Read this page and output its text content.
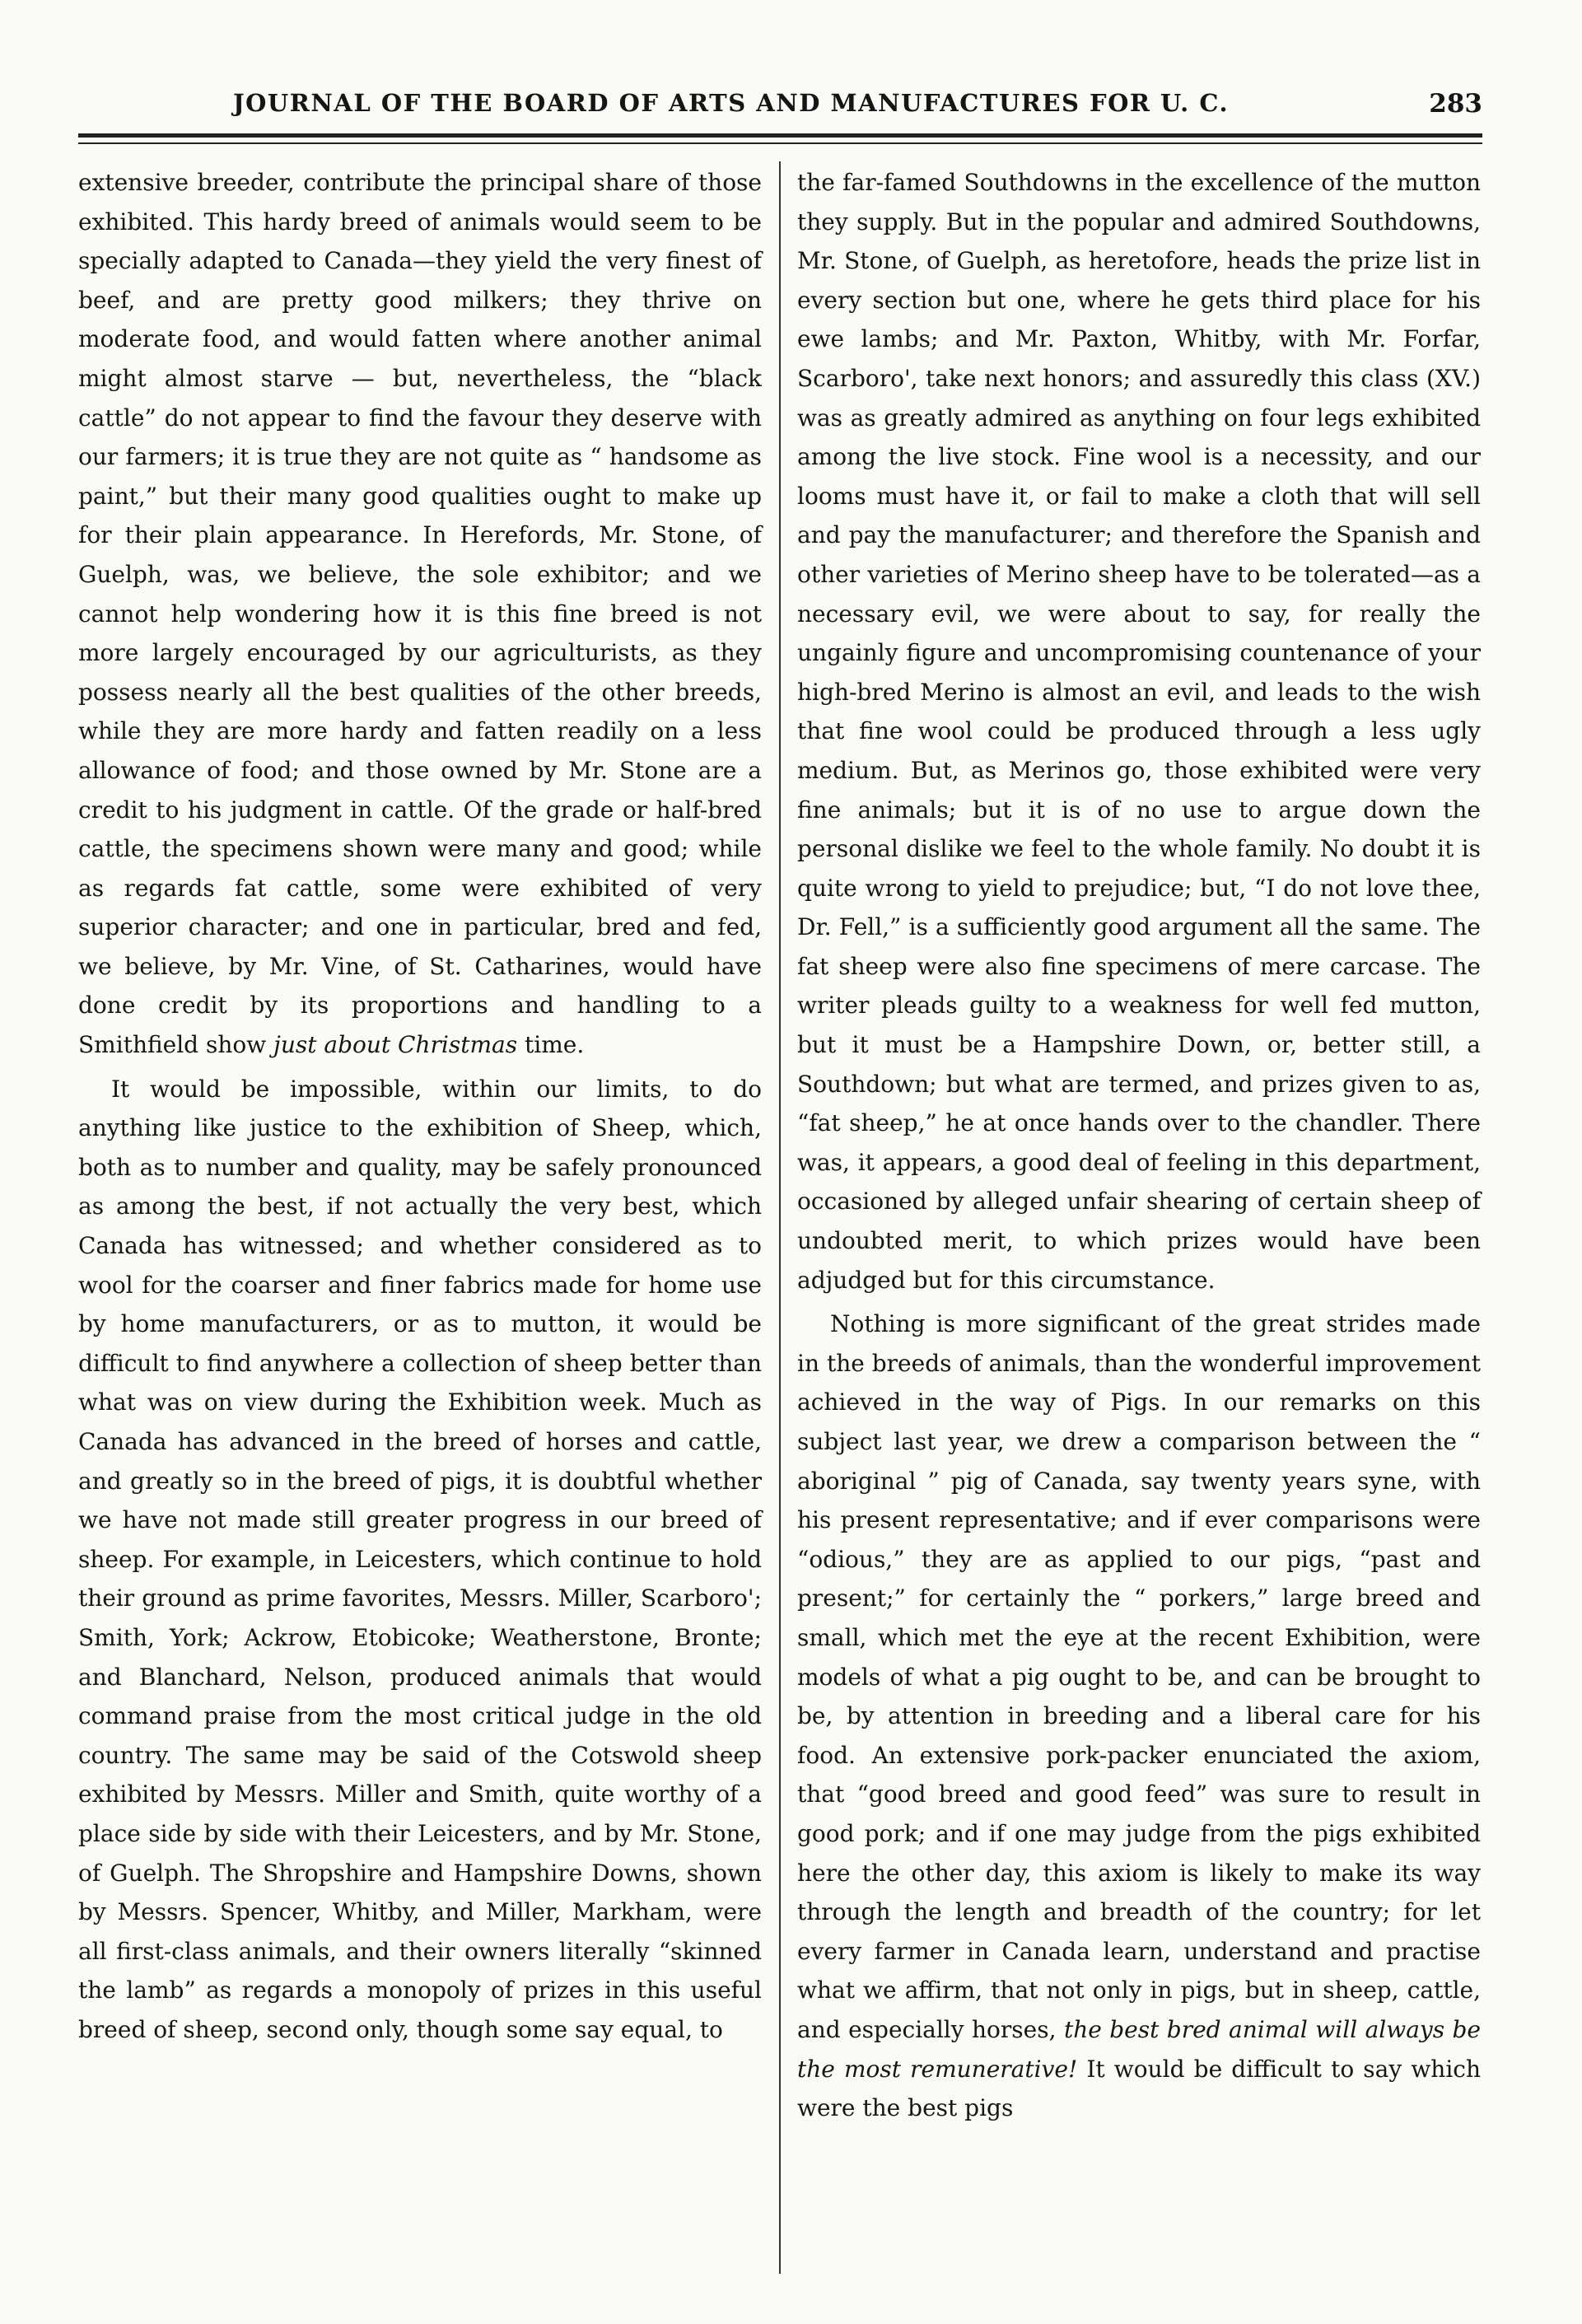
JOURNAL OF THE BOARD OF ARTS AND MANUFACTURES FOR U. C.	283

extensive breeder, contribute the principal share of those exhibited. This hardy breed of animals would seem to be specially adapted to Canada—they yield the very finest of beef, and are pretty good milkers; they thrive on moderate food, and would fatten where another animal might almost starve — but, nevertheless, the “black cattle” do not appear to find the favour they deserve with our farmers; it is true they are not quite as “ handsome as paint,” but their many good qualities ought to make up for their plain appearance. In Herefords, Mr. Stone, of Guelph, was, we believe, the sole exhibitor; and we cannot help wondering how it is this fine breed is not more largely encouraged by our agriculturists, as they possess nearly all the best qualities of the other breeds, while they are more hardy and fatten readily on a less allowance of food; and those owned by Mr. Stone are a credit to his judgment in cattle. Of the grade or half-bred cattle, the specimens shown were many and good; while as regards fat cattle, some were exhibited of very superior character; and one in particular, bred and fed, we believe, by Mr. Vine, of St. Catharines, would have done credit by its proportions and handling to a Smithfield show just about Christmas time.

It would be impossible, within our limits, to do anything like justice to the exhibition of Sheep, which, both as to number and quality, may be safely pronounced as among the best, if not actually the very best, which Canada has witnessed; and whether considered as to wool for the coarser and finer fabrics made for home use by home manufacturers, or as to mutton, it would be difficult to find anywhere a collection of sheep better than what was on view during the Exhibition week. Much as Canada has advanced in the breed of horses and cattle, and greatly so in the breed of pigs, it is doubtful whether we have not made still greater progress in our breed of sheep. For example, in Leicesters, which continue to hold their ground as prime favorites, Messrs. Miller, Scarboro'; Smith, York; Ackrow, Etobicoke; Weatherstone, Bronte; and Blanchard, Nelson, produced animals that would command praise from the most critical judge in the old country. The same may be said of the Cotswold sheep exhibited by Messrs. Miller and Smith, quite worthy of a place side by side with their Leicesters, and by Mr. Stone, of Guelph. The Shropshire and Hampshire Downs, shown by Messrs. Spencer, Whitby, and Miller, Markham, were all first-class animals, and their owners literally “skinned the lamb” as regards a monopoly of prizes in this useful breed of sheep, second only, though some say equal, to

the far-famed Southdowns in the excellence of the mutton they supply. But in the popular and admired Southdowns, Mr. Stone, of Guelph, as heretofore, heads the prize list in every section but one, where he gets third place for his ewe lambs; and Mr. Paxton, Whitby, with Mr. Forfar, Scarboro', take next honors; and assuredly this class (XV.) was as greatly admired as anything on four legs exhibited among the live stock. Fine wool is a necessity, and our looms must have it, or fail to make a cloth that will sell and pay the manufacturer; and therefore the Spanish and other varieties of Merino sheep have to be tolerated—as a necessary evil, we were about to say, for really the ungainly figure and uncompromising countenance of your high-bred Merino is almost an evil, and leads to the wish that fine wool could be produced through a less ugly medium. But, as Merinos go, those exhibited were very fine animals; but it is of no use to argue down the personal dislike we feel to the whole family. No doubt it is quite wrong to yield to prejudice; but, “I do not love thee, Dr. Fell,” is a sufficiently good argument all the same. The fat sheep were also fine specimens of mere carcase. The writer pleads guilty to a weakness for well fed mutton, but it must be a Hampshire Down, or, better still, a Southdown; but what are termed, and prizes given to as, “fat sheep,” he at once hands over to the chandler. There was, it appears, a good deal of feeling in this department, occasioned by alleged unfair shearing of certain sheep of undoubted merit, to which prizes would have been adjudged but for this circumstance.

Nothing is more significant of the great strides made in the breeds of animals, than the wonderful improvement achieved in the way of Pigs. In our remarks on this subject last year, we drew a comparison between the “ aboriginal ” pig of Canada, say twenty years syne, with his present representative; and if ever comparisons were “odious,” they are as applied to our pigs, “past and present;” for certainly the “ porkers,” large breed and small, which met the eye at the recent Exhibition, were models of what a pig ought to be, and can be brought to be, by attention in breeding and a liberal care for his food. An extensive pork-packer enunciated the axiom, that “good breed and good feed” was sure to result in good pork; and if one may judge from the pigs exhibited here the other day, this axiom is likely to make its way through the length and breadth of the country; for let every farmer in Canada learn, understand and practise what we affirm, that not only in pigs, but in sheep, cattle, and especially horses, the best bred animal will always be the most remunerative! It would be difficult to say which were the best pigs
